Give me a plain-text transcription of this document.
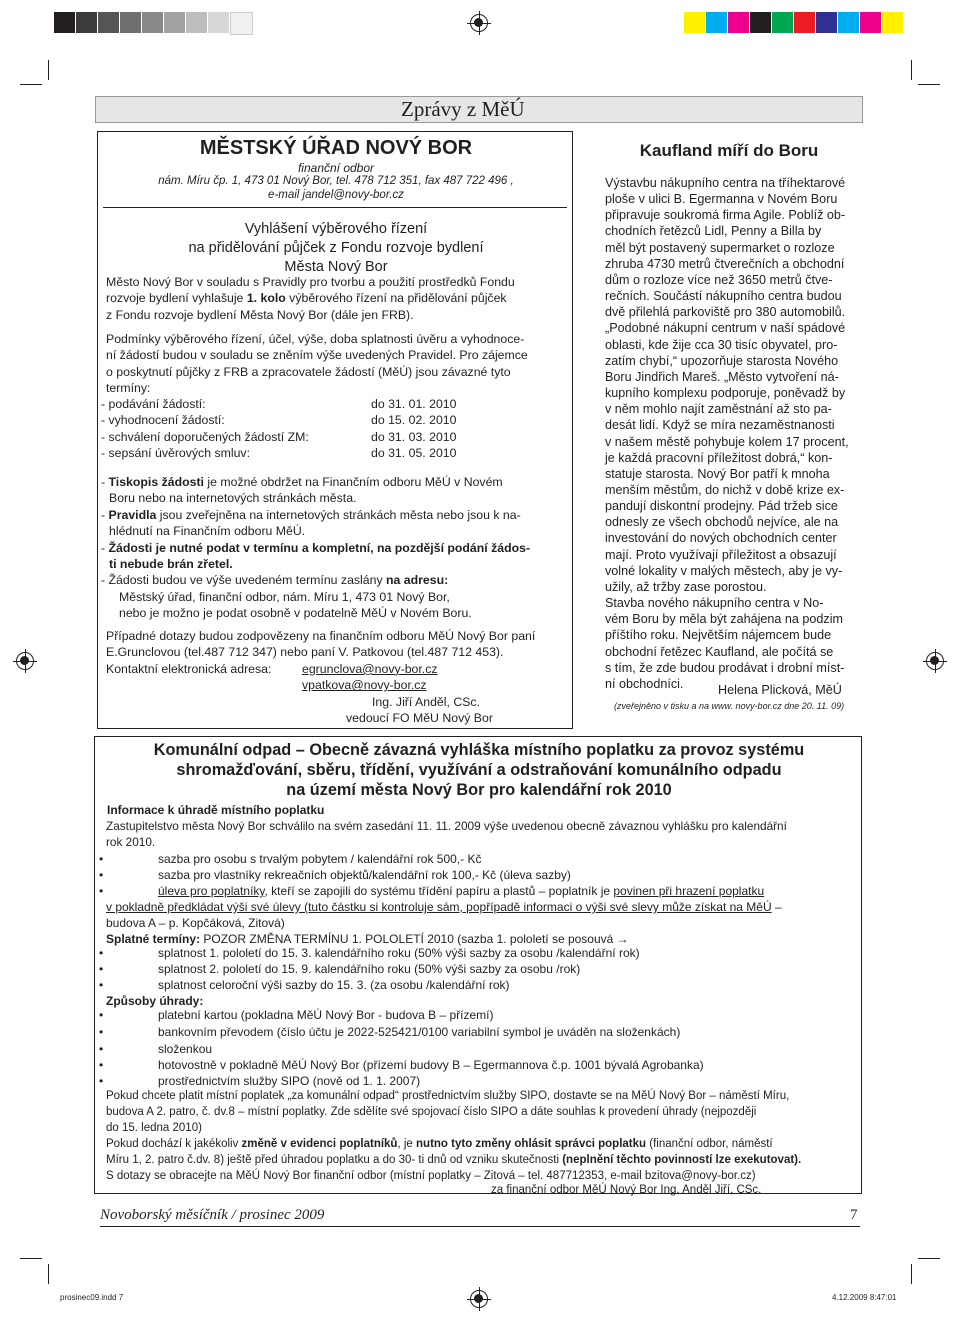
Zprávy z MěÚ
MĚSTSKÝ ÚŘAD NOVÝ BOR
finanční odbor
nám. Míru čp. 1, 473 01 Nový Bor, tel. 478 712 351, fax 487 722 496 ,
e-mail jandel@novy-bor.cz
Vyhlášení výběrového řízení
na přidělování půjček z Fondu rozvoje bydlení
Města Nový Bor
Město Nový Bor v souladu s Pravidly pro tvorbu a použití prostředků Fondu
rozvoje bydlení vyhlašuje 1. kolo výběrového řízení na přidělování půjček
z Fondu rozvoje bydlení Města Nový Bor (dále jen FRB).
Podmínky výběrového řízení, účel, výše, doba splatnosti úvěru a vyhodnoce-
ní žádostí budou v souladu se zněním výše uvedených Pravidel. Pro zájemce
o poskytnutí půjčky z FRB a zpracovatele žádostí (MěÚ) jsou závazné tyto
termíny:
- podávání žádostí:	do 31. 01. 2010
- vyhodnocení žádostí:	do 15. 02. 2010
- schválení doporučených žádostí ZM:	do 31. 03. 2010
- sepsání úvěrových smluv:	do 31. 05. 2010
- Tiskopis žádosti je možné obdržet na Finančním odboru MěÚ v Novém
Boru nebo na internetových stránkách města.
- Pravidla jsou zveřejněna na internetových stránkách města nebo jsou k na-
hlédnutí na Finančním odboru MěÚ.
- Žádosti je nutné podat v termínu a kompletní, na pozdější podání žádos-
ti nebude brán zřetel.
- Žádosti budou ve výše uvedeném termínu zaslány na adresu:
Městský úřad, finanční odbor, nám. Míru 1, 473 01 Nový Bor,
nebo je možno je podat osobně v podatelně MěÚ v Novém Boru.
Případné dotazy budou zodpovězeny na finančním odboru MěÚ Nový Bor paní
E.Grunclovou (tel.487 712 347) nebo paní V. Patkovou (tel.487 712 453).
Kontaktní elektronická adresa: egrunclova@novy-bor.cz
vpatkova@novy-bor.cz
Ing. Jiří Anděl, CSc.
vedoucí FO MěU Nový Bor
Kaufland míří do Boru
Výstavbu nákupního centra na tříhektarové
ploše v ulici B. Egermanna v Novém Boru
připravuje soukromá firma Agile. Poblíž ob-
chodních řetězců Lidl, Penny a Billa by
měl být postavený supermarket o rozloze
zhruba 4730 metrů čtverečních a obchodní
dům o rozloze více než 3650 metrů čtve-
rečních. Součástí nákupního centra budou
dvě přilehlá parkoviště pro 380 automobilů.
„Podobné nákupní centrum v naší spádové
oblasti, kde žije cca 30 tisíc obyvatel, pro-
zatím chybí,“ upozorňuje starosta Nového
Boru Jindřich Mareš. „Město vytvoření ná-
kupního komplexu podporuje, poněvadž by
v něm mohlo najít zaměstnání až sto pa-
desát lidí. Když se míra nezaměstnanosti
v našem městě pohybuje kolem 17 procent,
je každá pracovní příležitost dobrá,“ kon-
statuje starosta. Nový Bor patří k mnoha
menším městům, do nichž v době krize ex-
pandují diskontní prodejny. Pád tržeb sice
odnesly ze všech obchodů nejvíce, ale na
investování do nových obchodních center
mají. Proto využívají příležitost a obsazují
volné lokality v malých městech, aby je vy-
užily, až tržby zase porostou.
Stavba nového nákupního centra v No-
vém Boru by měla být zahájena na podzim
příštího roku. Největším nájemcem bude
obchodní řetězec Kaufland, ale počítá se
s tím, že zde budou prodávat i drobní míst-
ní obchodníci.	Helena Plicková, MěÚ
(zveřejněno v tisku a na www. novy-bor.cz dne 20. 11. 09)
Komunální odpad – Obecně závazná vyhláška místního poplatku za provoz systému
shromažďování, sběru, třídění, využívání a odstraňování komunálního odpadu
na území města Nový Bor pro kalendářní rok 2010
Informace k úhradě místního poplatku
Zastupitelstvo města Nový Bor schválilo na svém zasedání 11. 11. 2009 výše uvedenou obecně závaznou vyhlášku pro kalendářní
rok 2010.
•	sazba pro osobu s trvalým pobytem / kalendářní rok 500,- Kč
•	sazba pro vlastníky rekreačních objektů/kalendářní rok 100,- Kč (úleva sazby)
•	úleva pro poplatníky, kteří se zapojili do systému třídění papíru a plastů – poplatník je povinen při hrazení poplatku
v pokladně předkládat výši své úlevy (tuto částku si kontroluje sám, popřípadě informaci o výši své slevy může získat na MěÚ –
budova A – p. Kopčáková, Zitová)
Splatné termíny: POZOR ZMĚNA TERMÍNU 1. POLOLETÍ 2010 (sazba 1. pololetí se posouvá →
•	splatnost 1. pololetí do 15. 3. kalendářního roku (50% výši sazby za osobu /kalendářní rok)
•	splatnost 2. pololetí do 15. 9. kalendářního roku (50% výši sazby za osobu /rok)
•	splatnost celoroční výši sazby do 15. 3. (za osobu /kalendářní rok)
Způsoby úhrady:
•	platební kartou (pokladna MěÚ Nový Bor - budova B – přízemí)
•	bankovním převodem (číslo účtu je 2022-525421/0100 variabilní symbol je uváděn na složenkách)
•	složenkou
•	hotovostně v pokladně MěÚ Nový Bor (přízemí budovy B – Egermannova č.p. 1001 bývalá Agrobanka)
•	prostřednictvím služby SIPO (nově od 1. 1. 2007)
Pokud chcete platit místní poplatek „za komunální odpad“ prostřednictvím služby SIPO, dostavte se na MěÚ Nový Bor – náměstí Míru,
budova A 2. patro, č. dv.8 – místní poplatky. Zde sdělíte své spojovací číslo SIPO a dáte souhlas k provedení úhrady (nejpozději
do 15. ledna 2010)
Pokud dochází k jakékoliv změně v evidenci poplatníků, je nutno tyto změny ohlásit správci poplatku (finanční odbor, náměstí
Míru 1, 2. patro č.dv. 8) ještě před úhradou poplatku a do 30- ti dnů od vzniku skutečnosti (neplnění těchto povinností lze exekutovat).
S dotazy se obracejte na MěÚ Nový Bor finanční odbor (místní poplatky – Zitová – tel. 487712353, e-mail bzitova@novy-bor.cz)
za finanční odbor MěÚ Nový Bor Ing. Anděl Jiří, CSc.
Novoborský měsíčník / prosinec 2009	7
prosinec09.indd 7	4.12.2009 8:47:01
